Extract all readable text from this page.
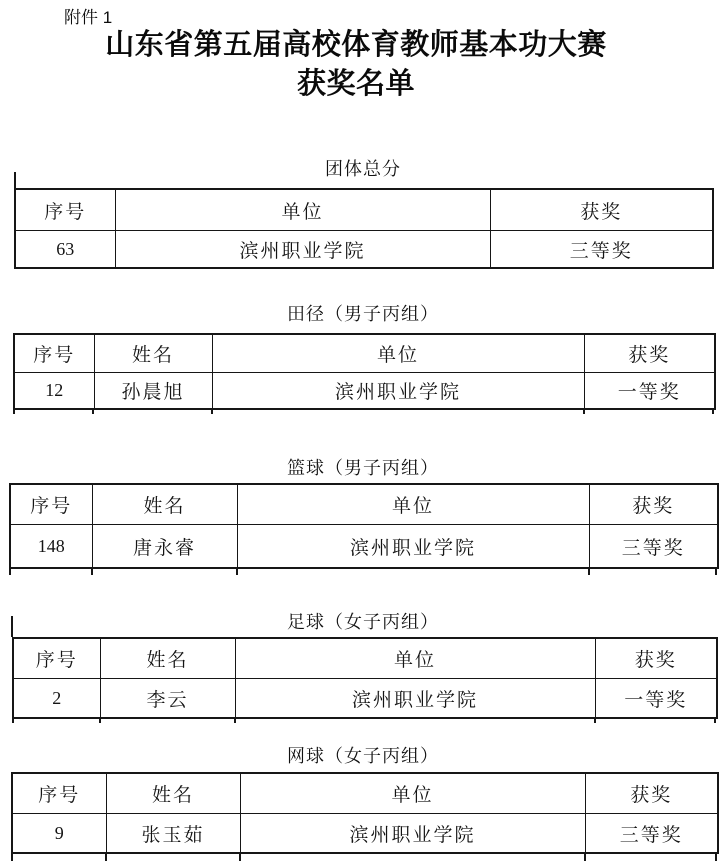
附件 1
山东省第五届高校体育教师基本功大赛
获奖名单
团体总分
序号	单位	获奖
63	滨州职业学院	三等奖
田径（男子丙组）
序号	姓名	单位	获奖
12	孙晨旭	滨州职业学院	一等奖
篮球（男子丙组）
序号	姓名	单位	获奖
148	唐永睿	滨州职业学院	三等奖
足球（女子丙组）
序号	姓名	单位	获奖
2	李云	滨州职业学院	一等奖
网球（女子丙组）
序号	姓名	单位	获奖
9	张玉茹	滨州职业学院	三等奖
